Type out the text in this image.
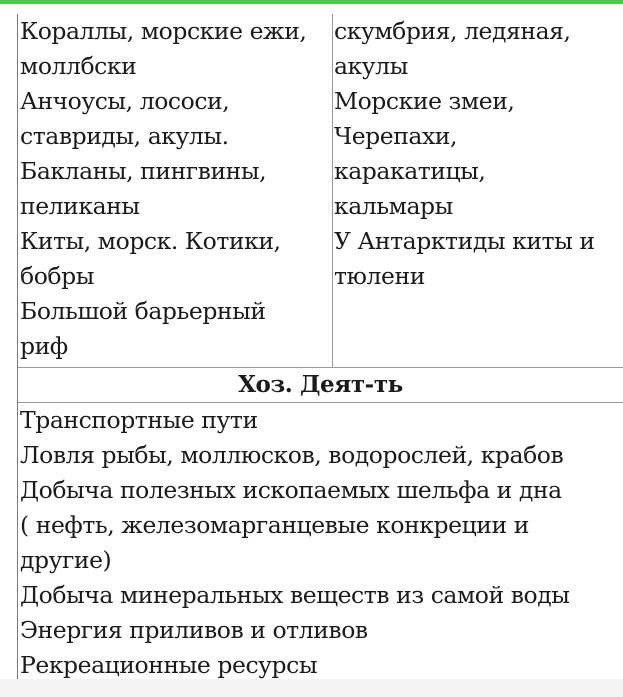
Кораллы, морские ежи,
моллбски
Анчоусы, лососи,
ставриды, акулы.
Бакланы, пингвины,
пеликаны
Киты, морск. Котики,
бобры
Большой барьерный
риф
скумбрия, ледяная,
акулы
Морские змеи,
Черепахи,
каракатицы,
кальмары
У Антарктиды киты и
тюлени
Хоз. Деят-ть
Транспортные пути
Ловля рыбы, моллюсков, водорослей, крабов
Добыча полезных ископаемых шельфа и дна
( нефть, железомарганцевые конкреции и
другие)
Добыча минеральных веществ из самой воды
Энергия приливов и отливов
Рекреационные ресурсы
